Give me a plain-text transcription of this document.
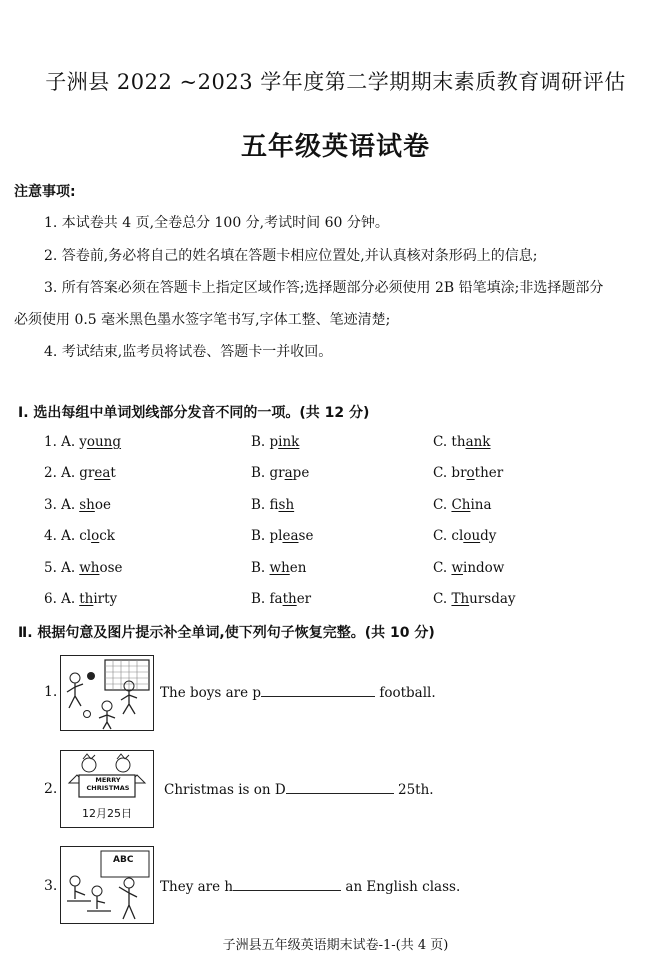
子洲县 2022 ~2023 学年度第二学期期末素质教育调研评估
五年级英语试卷
注意事项:
1. 本试卷共 4 页,全卷总分 100 分,考试时间 60 分钟。
2. 答卷前,务必将自己的姓名填在答题卡相应位置处,并认真核对条形码上的信息;
3. 所有答案必须在答题卡上指定区域作答;选择题部分必须使用 2B 铅笔填涂;非选择题部分
必须使用 0.5 毫米黑色墨水签字笔书写,字体工整、笔迹清楚;
4. 考试结束,监考员将试卷、答题卡一并收回。
Ⅰ. 选出每组中单词划线部分发音不同的一项。(共 12 分)
1. A. young	B. pink	C. thank
2. A. great	B. grape	C. brother
3. A. shoe	B. fish	C. China
4. A. clock	B. please	C. cloudy
5. A. whose	B. when	C. window
6. A. thirty	B. father	C. Thursday
Ⅱ. 根据句意及图片提示补全单词,使下列句子恢复完整。(共 10 分)
1.	The boys are p	football.
2.
MERRY CHRISTMAS
12月25日
Christmas is on D	25th.
3.
ABC
They are h	an English class.
子洲县五年级英语期末试卷-1-(共 4 页)
